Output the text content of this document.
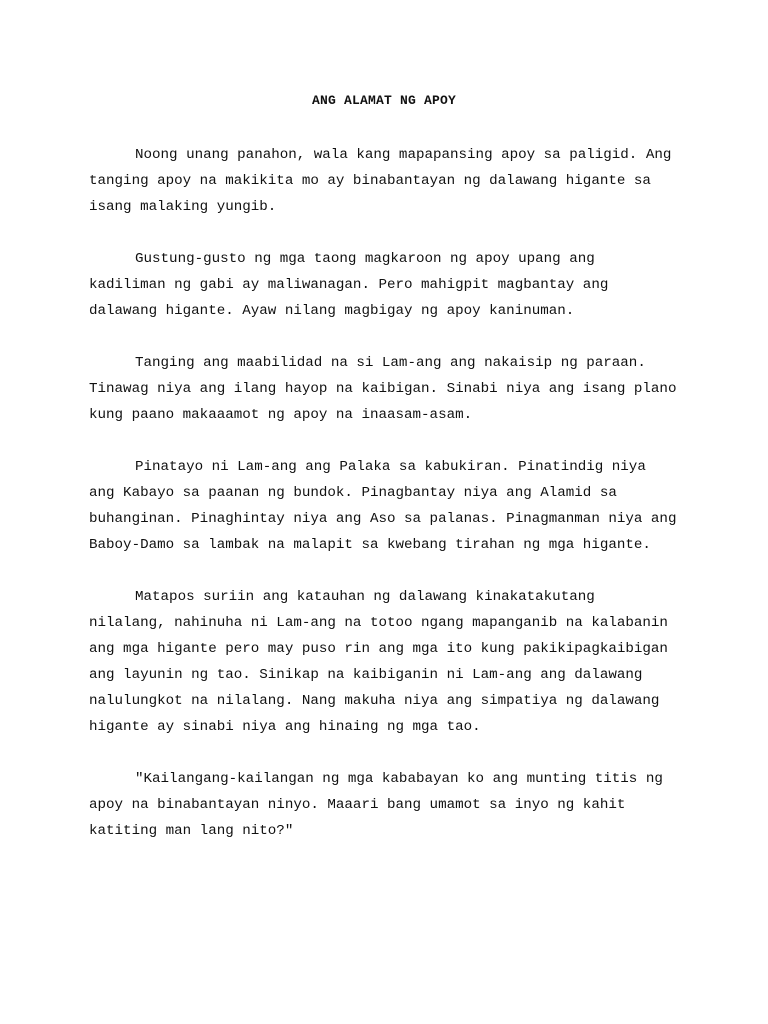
ANG ALAMAT NG APOY

Noong unang panahon, wala kang mapapansing apoy sa paligid. Ang tanging apoy na makikita mo ay binabantayan ng dalawang higante sa isang malaking yungib.

Gustung-gusto ng mga taong magkaroon ng apoy upang ang kadiliman ng gabi ay maliwanagan. Pero mahigpit magbantay ang dalawang higante. Ayaw nilang magbigay ng apoy kaninuman.

Tanging ang maabilidad na si Lam-ang ang nakaisip ng paraan. Tinawag niya ang ilang hayop na kaibigan. Sinabi niya ang isang plano kung paano makaaamot ng apoy na inaasam-asam.

Pinatayo ni Lam-ang ang Palaka sa kabukiran. Pinatindig niya ang Kabayo sa paanan ng bundok. Pinagbantay niya ang Alamid sa buhanginan. Pinaghintay niya ang Aso sa palanas. Pinagmanman niya ang Baboy-Damo sa lambak na malapit sa kwebang tirahan ng mga higante.

Matapos suriin ang katauhan ng dalawang kinakatakutang nilalang, nahinuha ni Lam-ang na totoo ngang mapanganib na kalabanin ang mga higante pero may puso rin ang mga ito kung pakikipagkaibigan ang layunin ng tao. Sinikap na kaibiganin ni Lam-ang ang dalawang nalulungkot na nilalang. Nang makuha niya ang simpatiya ng dalawang higante ay sinabi niya ang hinaing ng mga tao.

"Kailangang-kailangan ng mga kababayan ko ang munting titis ng apoy na binabantayan ninyo. Maaari bang umamot sa inyo ng kahit katiting man lang nito?"
